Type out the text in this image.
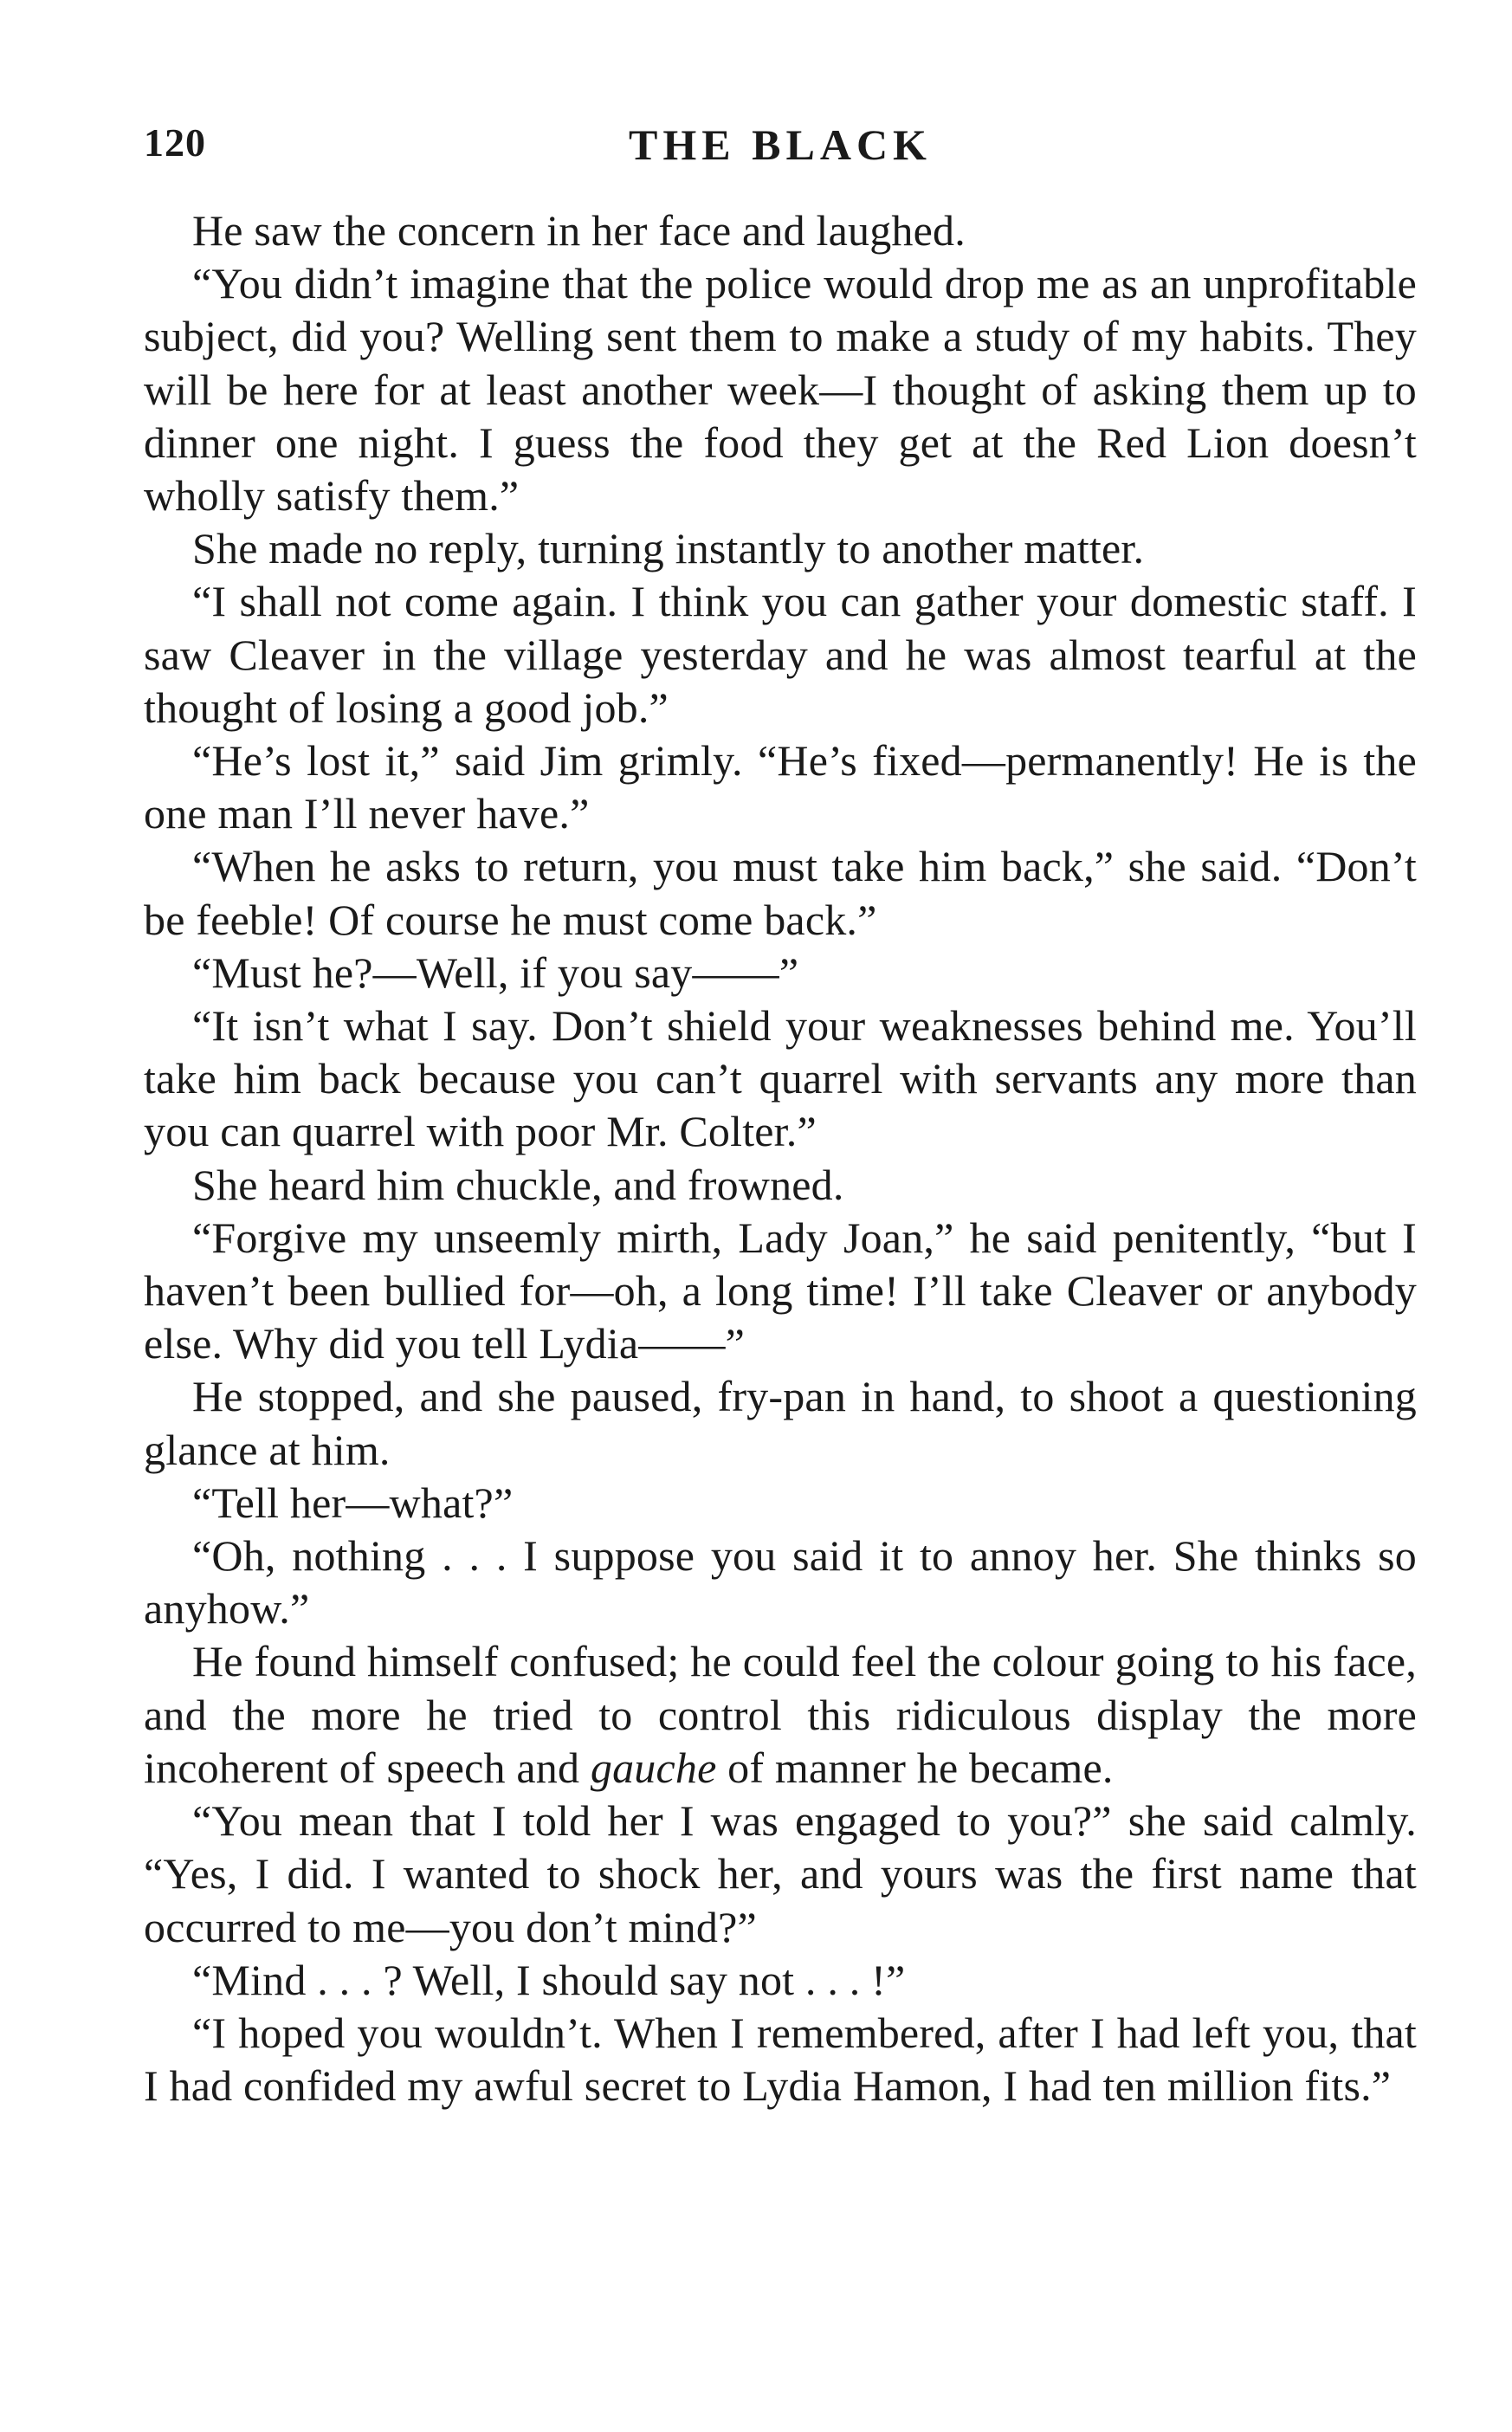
120	THE BLACK

He saw the concern in her face and laughed.

“You didn’t imagine that the police would drop me as an unprofitable subject, did you? Welling sent them to make a study of my habits. They will be here for at least another week—I thought of asking them up to dinner one night. I guess the food they get at the Red Lion doesn’t wholly satisfy them.”

She made no reply, turning instantly to another matter.

“I shall not come again. I think you can gather your domestic staff. I saw Cleaver in the village yesterday and he was almost tearful at the thought of losing a good job.”

“He’s lost it,” said Jim grimly. “He’s fixed—permanently! He is the one man I’ll never have.”

“When he asks to return, you must take him back,” she said. “Don’t be feeble! Of course he must come back.”

“Must he?—Well, if you say——”

“It isn’t what I say. Don’t shield your weaknesses behind me. You’ll take him back because you can’t quarrel with servants any more than you can quarrel with poor Mr. Colter.”

She heard him chuckle, and frowned.

“Forgive my unseemly mirth, Lady Joan,” he said penitently, “but I haven’t been bullied for—oh, a long time! I’ll take Cleaver or anybody else. Why did you tell Lydia——”

He stopped, and she paused, fry-pan in hand, to shoot a questioning glance at him.

“Tell her—what?”

“Oh, nothing . . . I suppose you said it to annoy her. She thinks so anyhow.”

He found himself confused; he could feel the colour going to his face, and the more he tried to control this ridiculous display the more incoherent of speech and gauche of manner he became.

“You mean that I told her I was engaged to you?” she said calmly. “Yes, I did. I wanted to shock her, and yours was the first name that occurred to me—you don’t mind?”

“Mind . . . ? Well, I should say not . . . !”

“I hoped you wouldn’t. When I remembered, after I had left you, that I had confided my awful secret to Lydia Hamon, I had ten million fits.”
